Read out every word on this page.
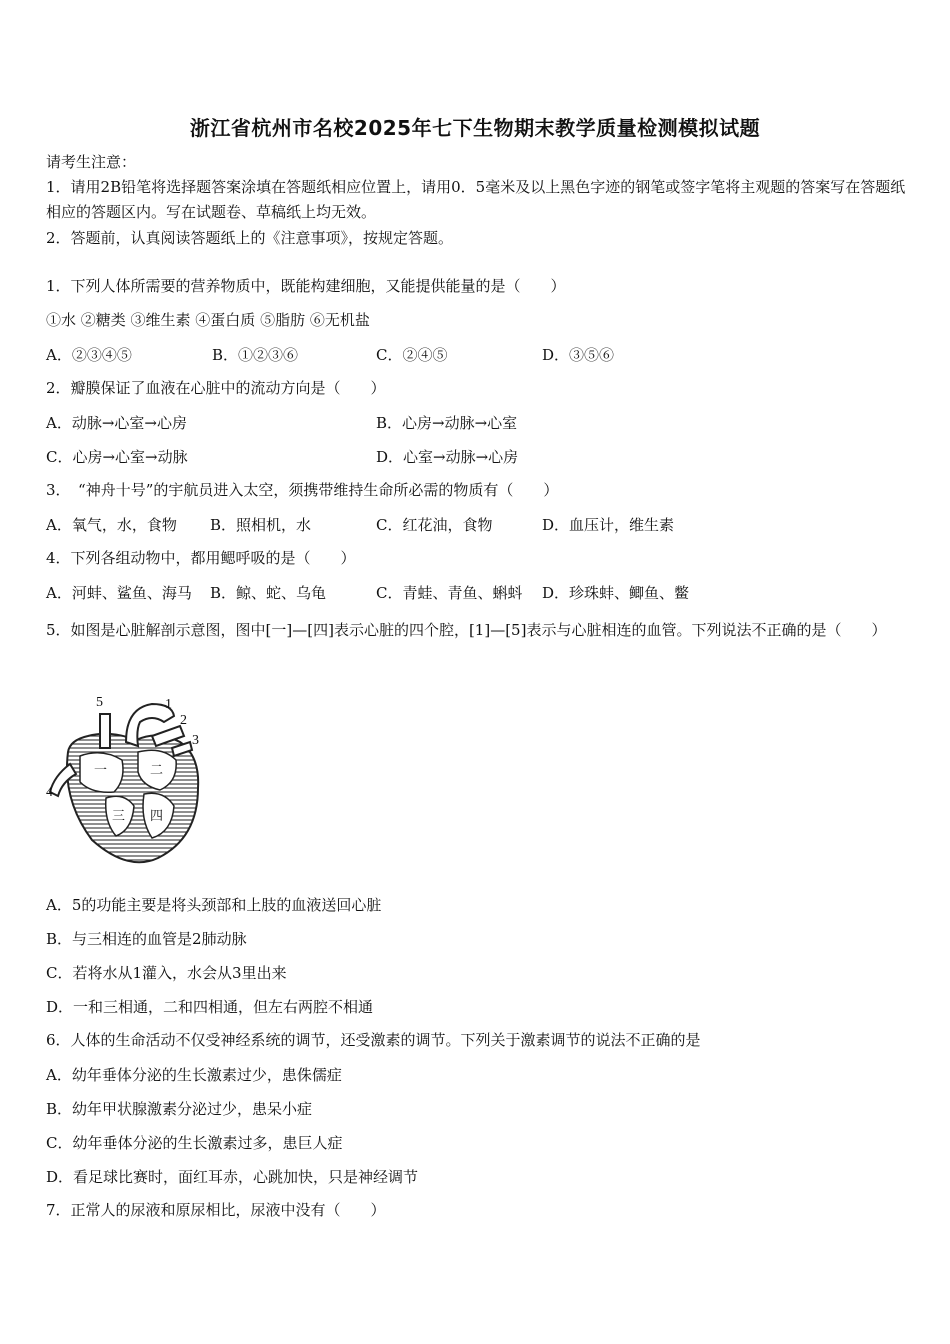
浙江省杭州市名校2025年七下生物期末教学质量检测模拟试题
请考生注意：
1．请用2B铅笔将选择题答案涂填在答题纸相应位置上，请用0．5毫米及以上黑色字迹的钢笔或签字笔将主观题的答案写在答题纸相应的答题区内。写在试题卷、草稿纸上均无效。
2．答题前，认真阅读答题纸上的《注意事项》，按规定答题。
1．下列人体所需要的营养物质中，既能构建细胞，又能提供能量的是（　　）
①水 ②糖类 ③维生素 ④蛋白质 ⑤脂肪 ⑥无机盐
A．②③④⑤	B．①②③⑥	C．②④⑤	D．③⑤⑥
2．瓣膜保证了血液在心脏中的流动方向是（　　）
A．动脉→心室→心房	B．心房→动脉→心室
C．心房→心室→动脉	D．心室→动脉→心房
3．　“神舟十号”的宇航员进入太空，须携带维持生命所必需的物质有（　　）
A．氧气，水，食物 B．照相机，水	C．红花油，食物	D．血压计，维生素
4．下列各组动物中，都用鳃呼吸的是（　　）
A．河蚌、鲨鱼、海马 B．鲸、蛇、乌龟	C．青蛙、青鱼、蝌蚪 D．珍珠蚌、鲫鱼、鳖
5．如图是心脏解剖示意图，图中[一]—[四]表示心脏的四个腔，[1]—[5]表示与心脏相连的血管。下列说法不正确的是（　　）
1
2
3
4
5
一	二
三 四
A．5的功能主要是将头颈部和上肢的血液送回心脏
B．与三相连的血管是2肺动脉
C．若将水从1灌入，水会从3里出来
D．一和三相通，二和四相通，但左右两腔不相通
6．人体的生命活动不仅受神经系统的调节，还受激素的调节。下列关于激素调节的说法不正确的是
A．幼年垂体分泌的生长激素过少，患侏儒症
B．幼年甲状腺激素分泌过少，患呆小症
C．幼年垂体分泌的生长激素过多，患巨人症
D．看足球比赛时，面红耳赤，心跳加快，只是神经调节
7．正常人的尿液和原尿相比，尿液中没有（　　）
